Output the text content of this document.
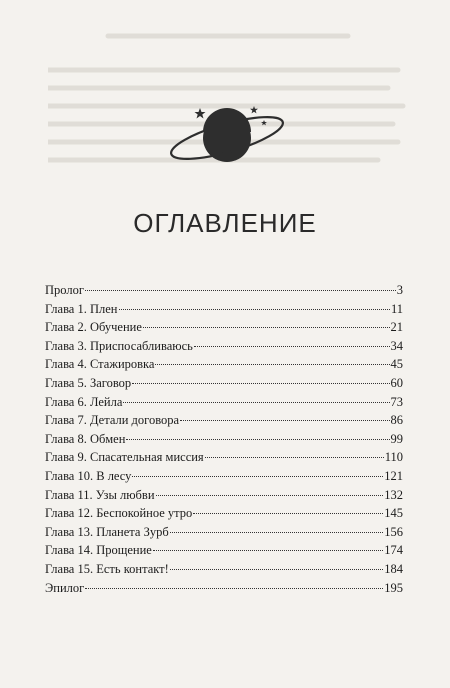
ОГЛАВЛЕНИЕ
Пролог	3
Глава 1. Плен	11
Глава 2. Обучение	21
Глава 3. Приспосабливаюсь	34
Глава 4. Стажировка	45
Глава 5. Заговор	60
Глава 6. Лейла	73
Глава 7. Детали договора	86
Глава 8. Обмен	99
Глава 9. Спасательная миссия	110
Глава 10. В лесу	121
Глава 11. Узы любви	132
Глава 12. Беспокойное утро	145
Глава 13. Планета Зурб	156
Глава 14. Прощение	174
Глава 15. Есть контакт!	184
Эпилог	195
